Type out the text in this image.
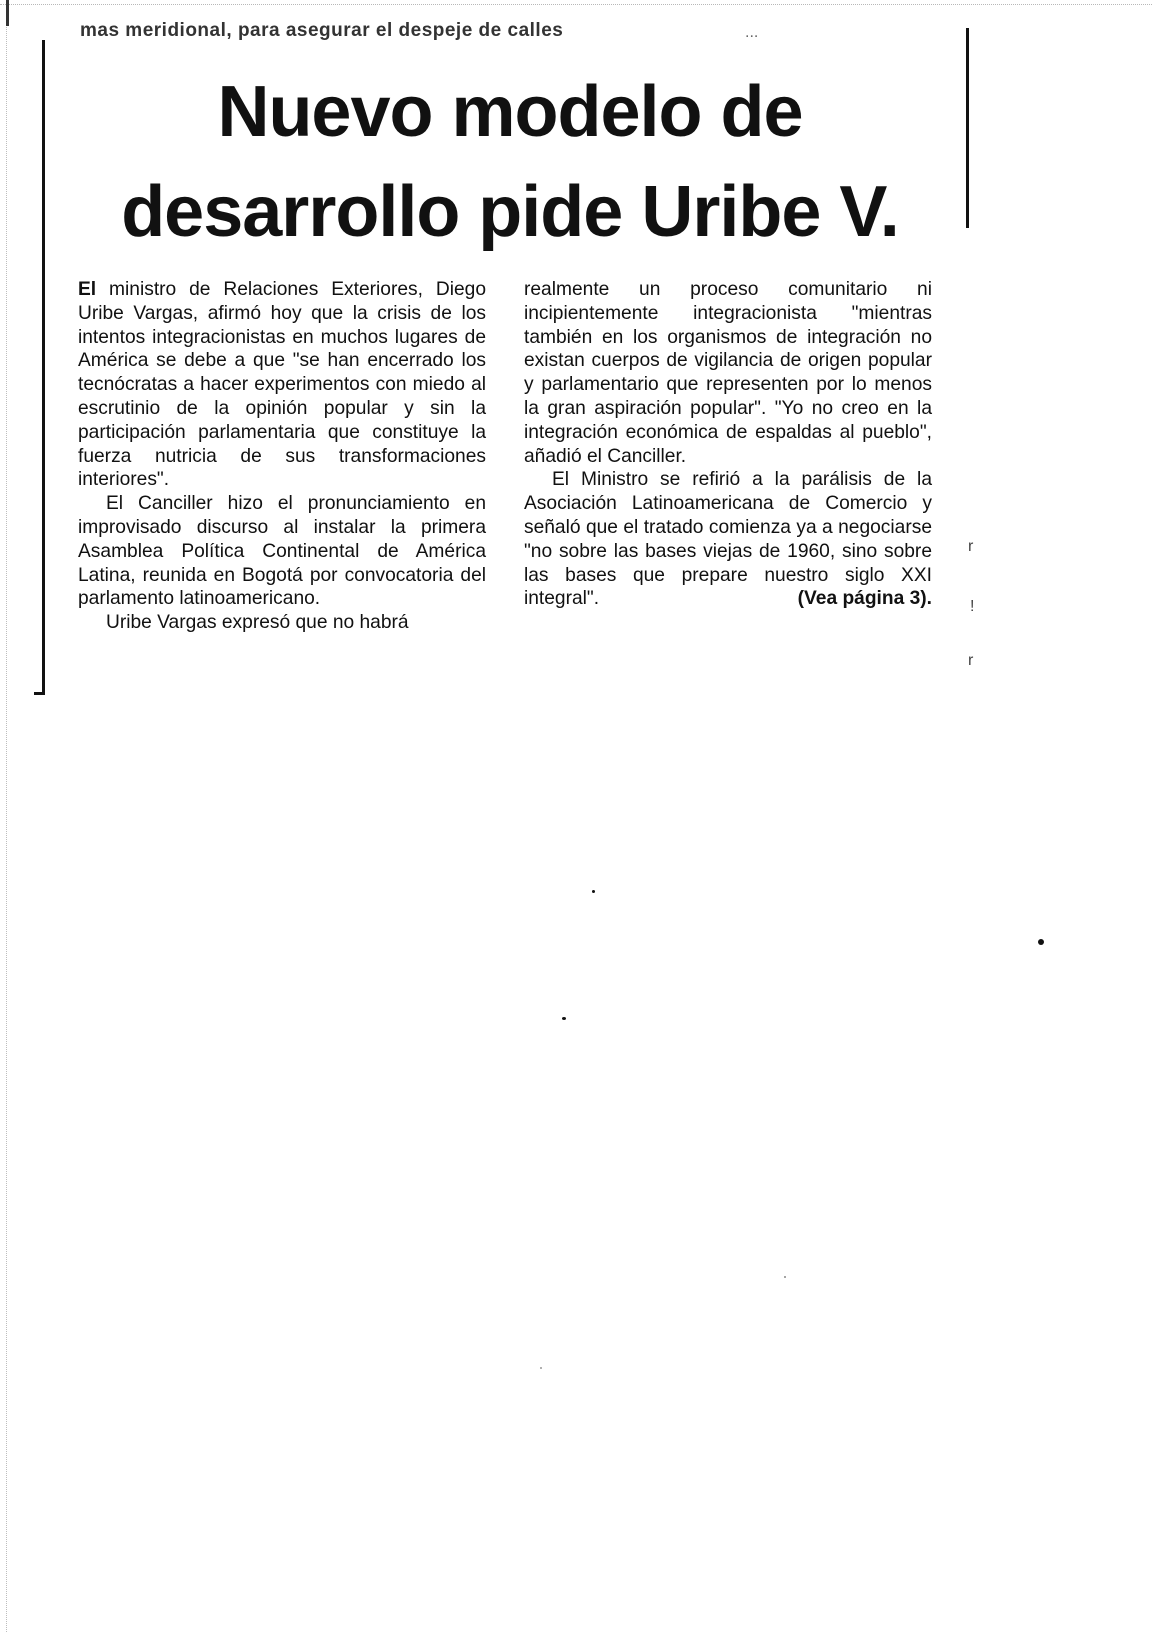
mas meridional, para asegurar el despeje de calles	...
Nuevo modelo de
desarrollo pide Uribe V.

El ministro de Relaciones Exteriores, Diego Uribe Vargas, afirmó hoy que la crisis de los intentos integracionistas en muchos lugares de América se debe a que "se han encerrado los tecnócratas a hacer experimentos con miedo al escrutinio de la opinión popular y sin la participación parlamentaria que constituye la fuerza nutricia de sus transformaciones interiores".

El Canciller hizo el pronunciamiento en improvisado discurso al instalar la primera Asamblea Política Continental de América Latina, reunida en Bogotá por convocatoria del parlamento latinoamericano.

Uribe Vargas expresó que no habrá

realmente un proceso comunitario ni incipientemente integracionista "mientras también en los organismos de integración no existan cuerpos de vigilancia de origen popular y parlamentario que representen por lo menos la gran aspiración popular". "Yo no creo en la integración económica de espaldas al pueblo", añadió el Canciller.

El Ministro se refirió a la parálisis de la Asociación Latinoamericana de Comercio y señaló que el tratado comienza ya a negociarse "no sobre las bases viejas de 1960, sino sobre las bases que prepare nuestro siglo XXI integral".	(Vea página 3).

r
!
r
